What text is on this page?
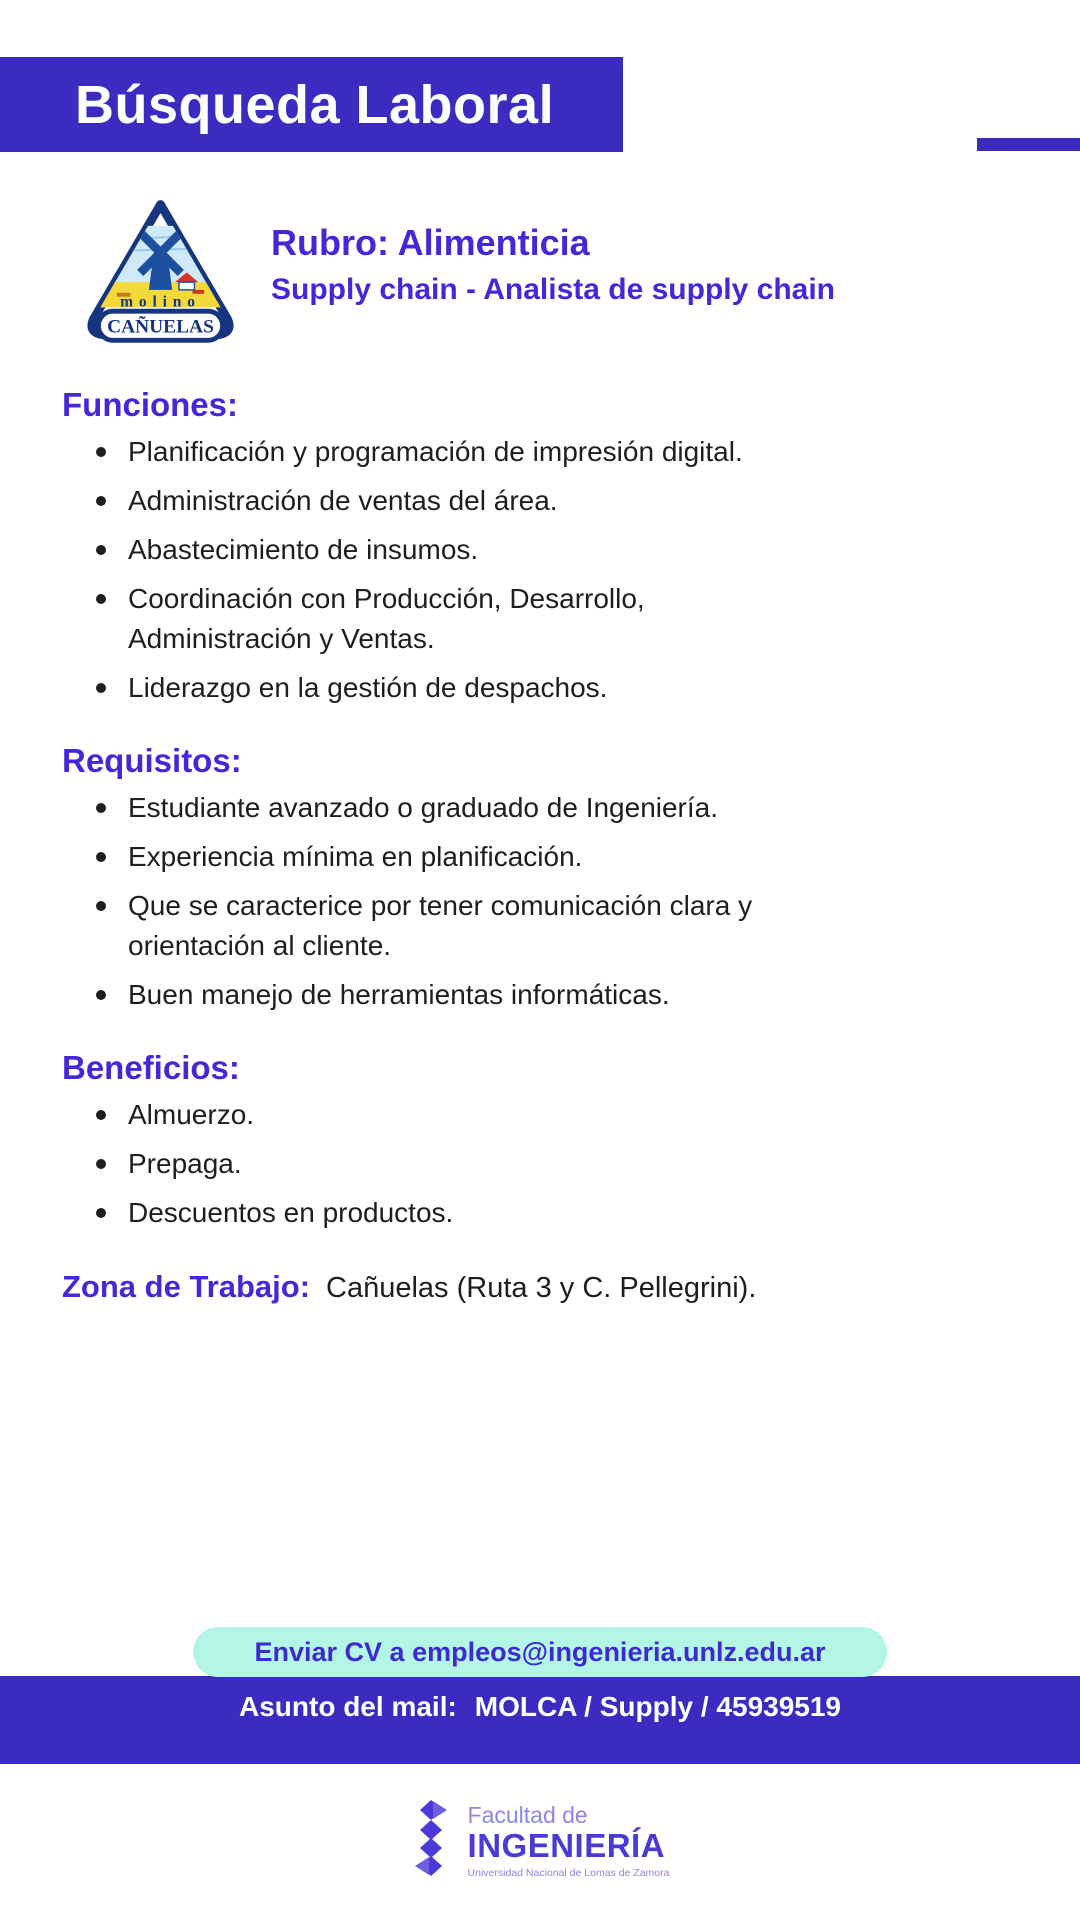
Búsqueda Laboral
molino
CAÑUELAS
Rubro: Alimenticia
Supply chain - Analista de supply chain
Funciones:
Planificación y programación de impresión digital.
Administración de ventas del área.
Abastecimiento de insumos.
Coordinación con Producción, Desarrollo, Administración y Ventas.
Liderazgo en la gestión de despachos.
Requisitos:
Estudiante avanzado o graduado de Ingeniería.
Experiencia mínima en planificación.
Que se caracterice por tener comunicación clara y orientación al cliente.
Buen manejo de herramientas informáticas.
Beneficios:
Almuerzo.
Prepaga.
Descuentos en productos.
Zona de Trabajo: Cañuelas (Ruta 3 y C. Pellegrini).
Enviar CV a empleos@ingenieria.unlz.edu.ar
Asunto del mail: MOLCA / Supply / 45939519
Facultad de
INGENIERÍA
Universidad Nacional de Lomas de Zamora
